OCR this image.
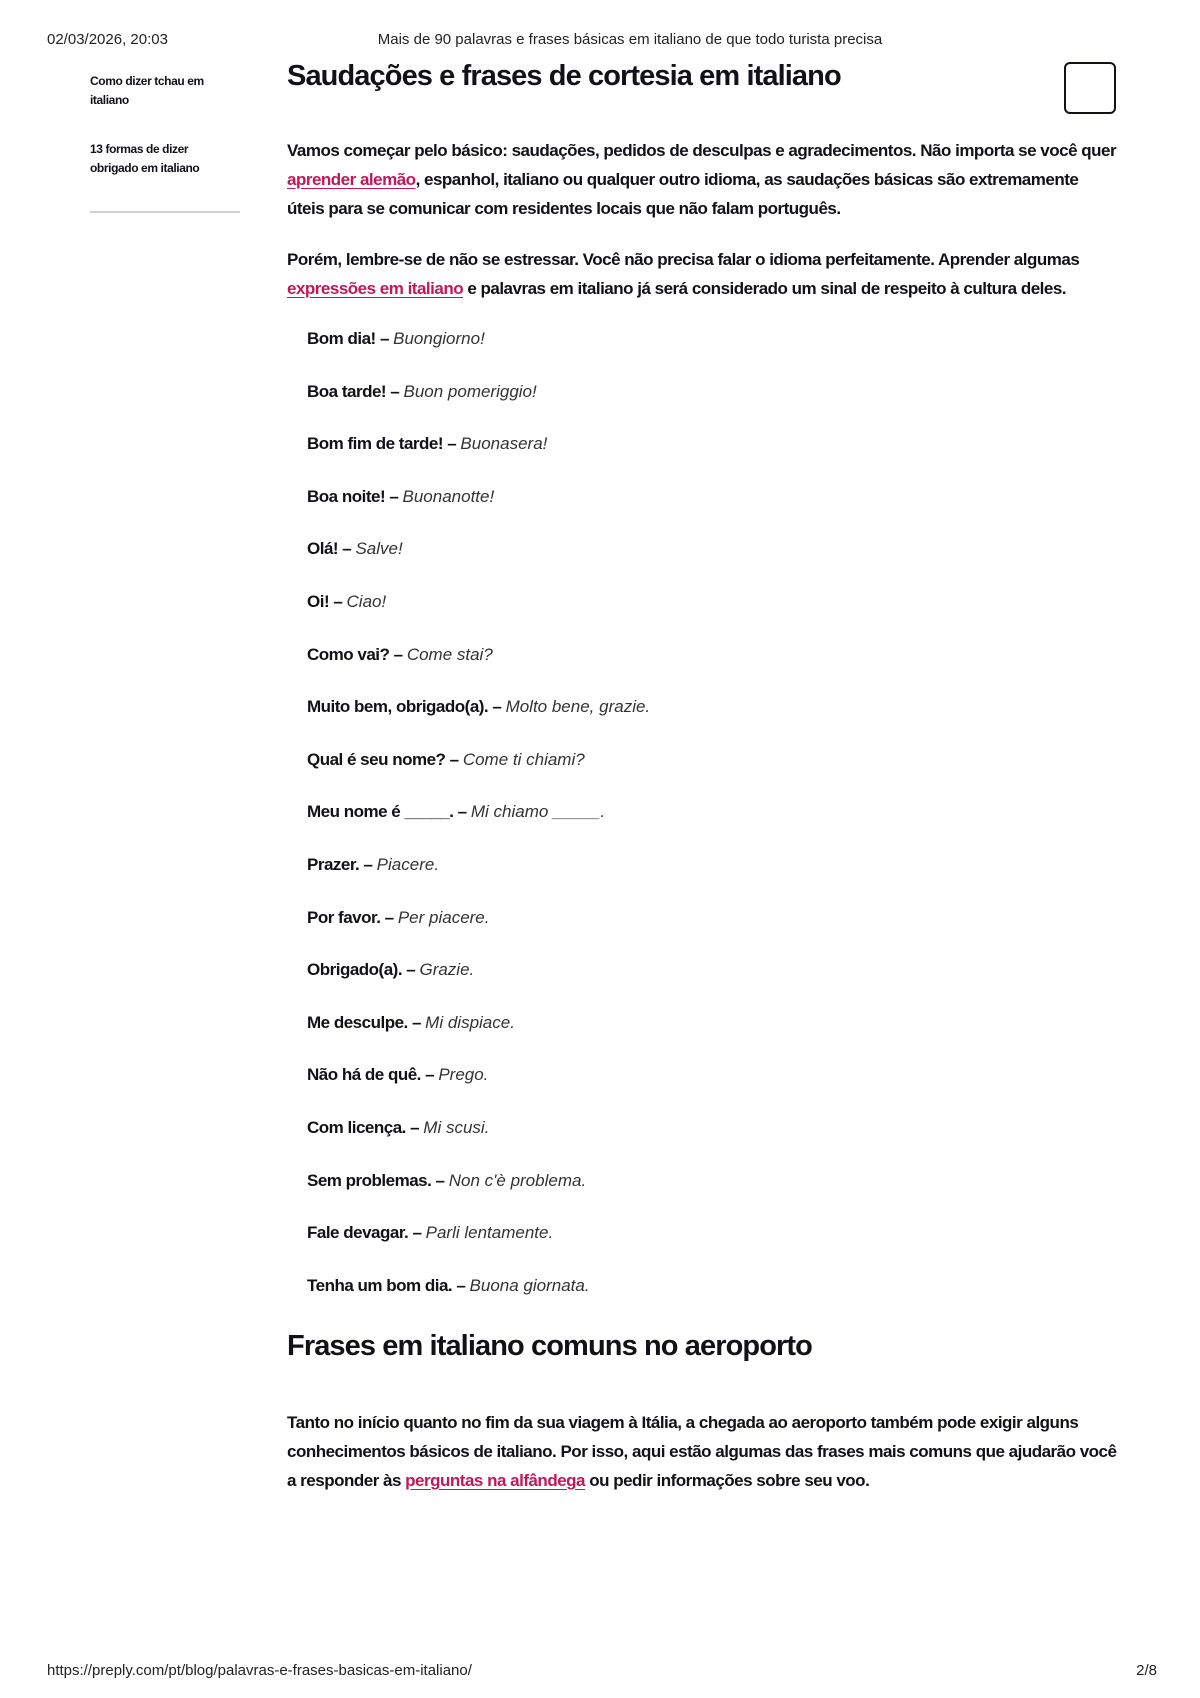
02/03/2026, 20:03	Mais de 90 palavras e frases básicas em italiano de que todo turista precisa
Como dizer tchau em italiano
13 formas de dizer obrigado em italiano
Saudações e frases de cortesia em italiano

Vamos começar pelo básico: saudações, pedidos de desculpas e agradecimentos. Não importa se você quer aprender alemão, espanhol, italiano ou qualquer outro idioma, as saudações básicas são extremamente úteis para se comunicar com residentes locais que não falam português.

Porém, lembre-se de não se estressar. Você não precisa falar o idioma perfeitamente. Aprender algumas expressões em italiano e palavras em italiano já será considerado um sinal de respeito à cultura deles.

Bom dia! – Buongiorno!
Boa tarde! – Buon pomeriggio!
Bom fim de tarde! – Buonasera!
Boa noite! – Buonanotte!
Olá! – Salve!
Oi! – Ciao!
Como vai? – Come stai?
Muito bem, obrigado(a). – Molto bene, grazie.
Qual é seu nome? – Come ti chiami?
Meu nome é _____. – Mi chiamo _____.
Prazer. – Piacere.
Por favor. – Per piacere.
Obrigado(a). – Grazie.
Me desculpe. – Mi dispiace.
Não há de quê. – Prego.
Com licença. – Mi scusi.
Sem problemas. – Non c'è problema.
Fale devagar. – Parli lentamente.
Tenha um bom dia. – Buona giornata.
Frases em italiano comuns no aeroporto

Tanto no início quanto no fim da sua viagem à Itália, a chegada ao aeroporto também pode exigir alguns conhecimentos básicos de italiano. Por isso, aqui estão algumas das frases mais comuns que ajudarão você a responder às perguntas na alfândega ou pedir informações sobre seu voo.

https://preply.com/pt/blog/palavras-e-frases-basicas-em-italiano/	2/8
